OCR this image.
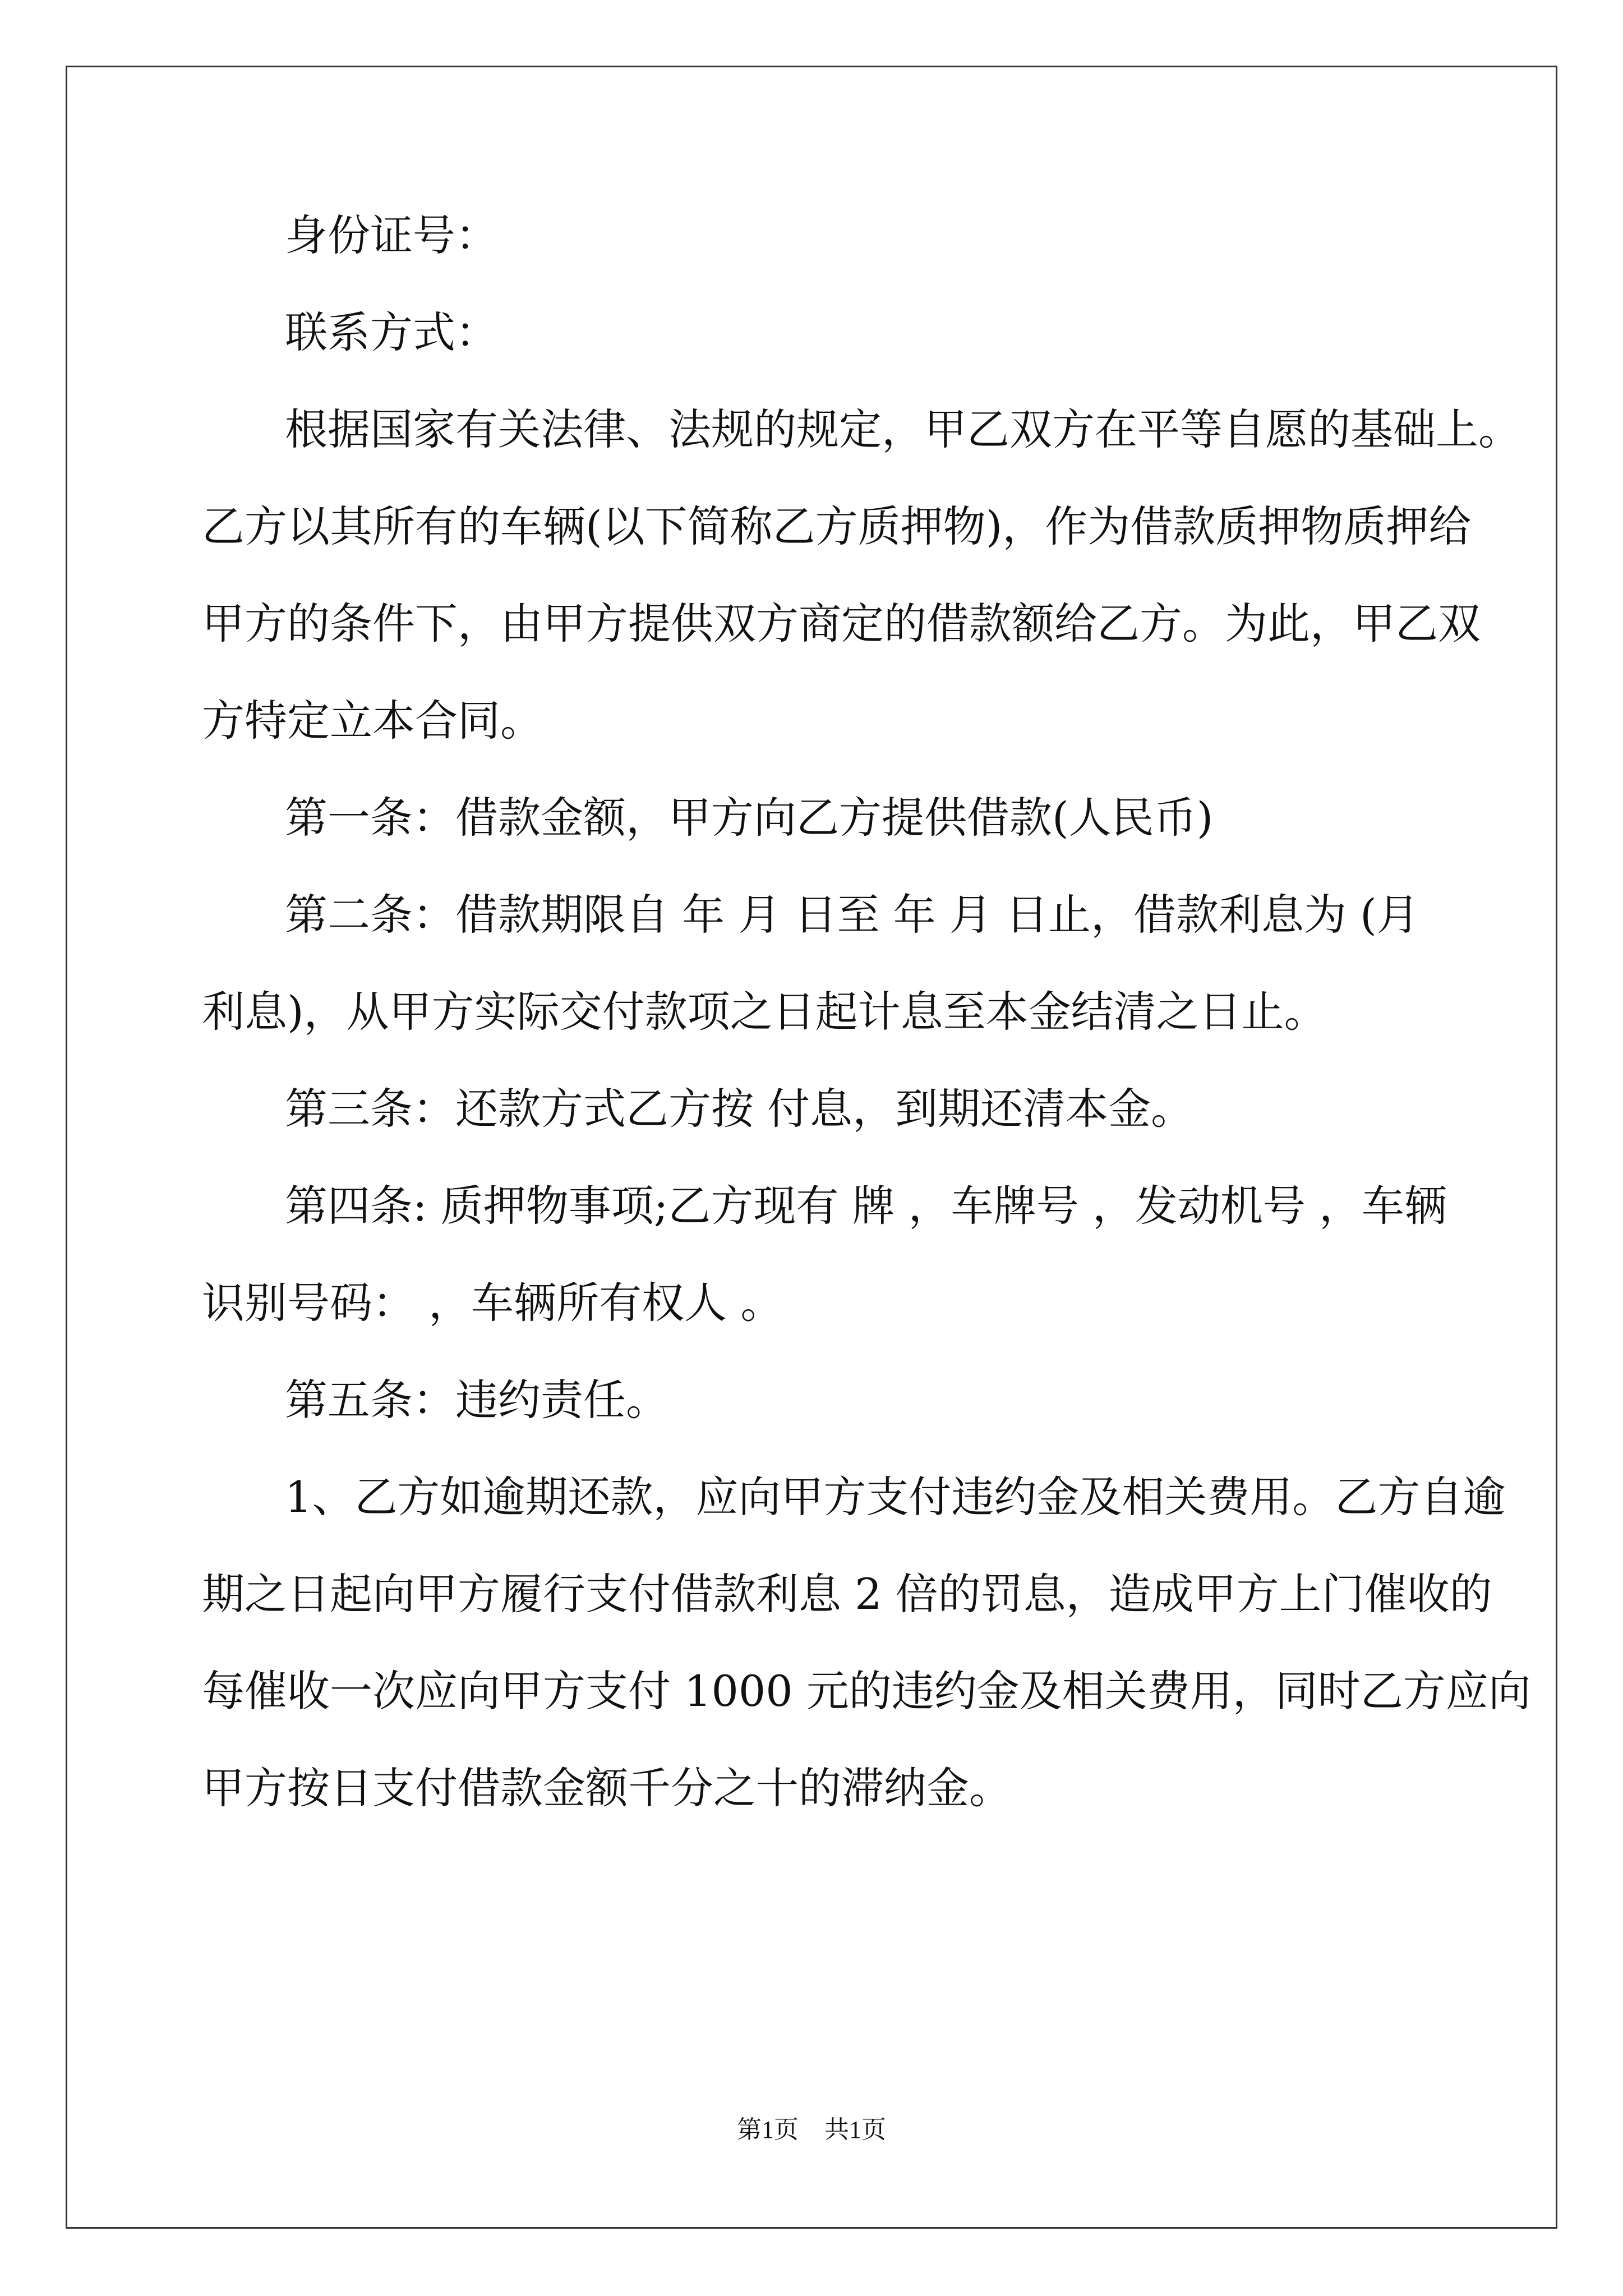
身份证号：
联系方式：
根据国家有关法律、法规的规定，甲乙双方在平等自愿的基础上。
乙方以其所有的车辆(以下简称乙方质押物)，作为借款质押物质押给
甲方的条件下，由甲方提供双方商定的借款额给乙方。为此，甲乙双
方特定立本合同。
第一条：借款金额，甲方向乙方提供借款(人民币)
第二条：借款期限自 年 月 日至 年 月 日止，借款利息为 (月
利息)，从甲方实际交付款项之日起计息至本金结清之日止。
第三条：还款方式乙方按 付息，到期还清本金。
第四条: 质押物事项;乙方现有 牌 ，车牌号 ，发动机号 ，车辆
识别号码： ，车辆所有权人 。
第五条：违约责任。
1、乙方如逾期还款，应向甲方支付违约金及相关费用。乙方自逾
期之日起向甲方履行支付借款利息 2 倍的罚息，造成甲方上门催收的
每催收一次应向甲方支付 1000 元的违约金及相关费用，同时乙方应向
甲方按日支付借款金额千分之十的滞纳金。
第1页 共1页
